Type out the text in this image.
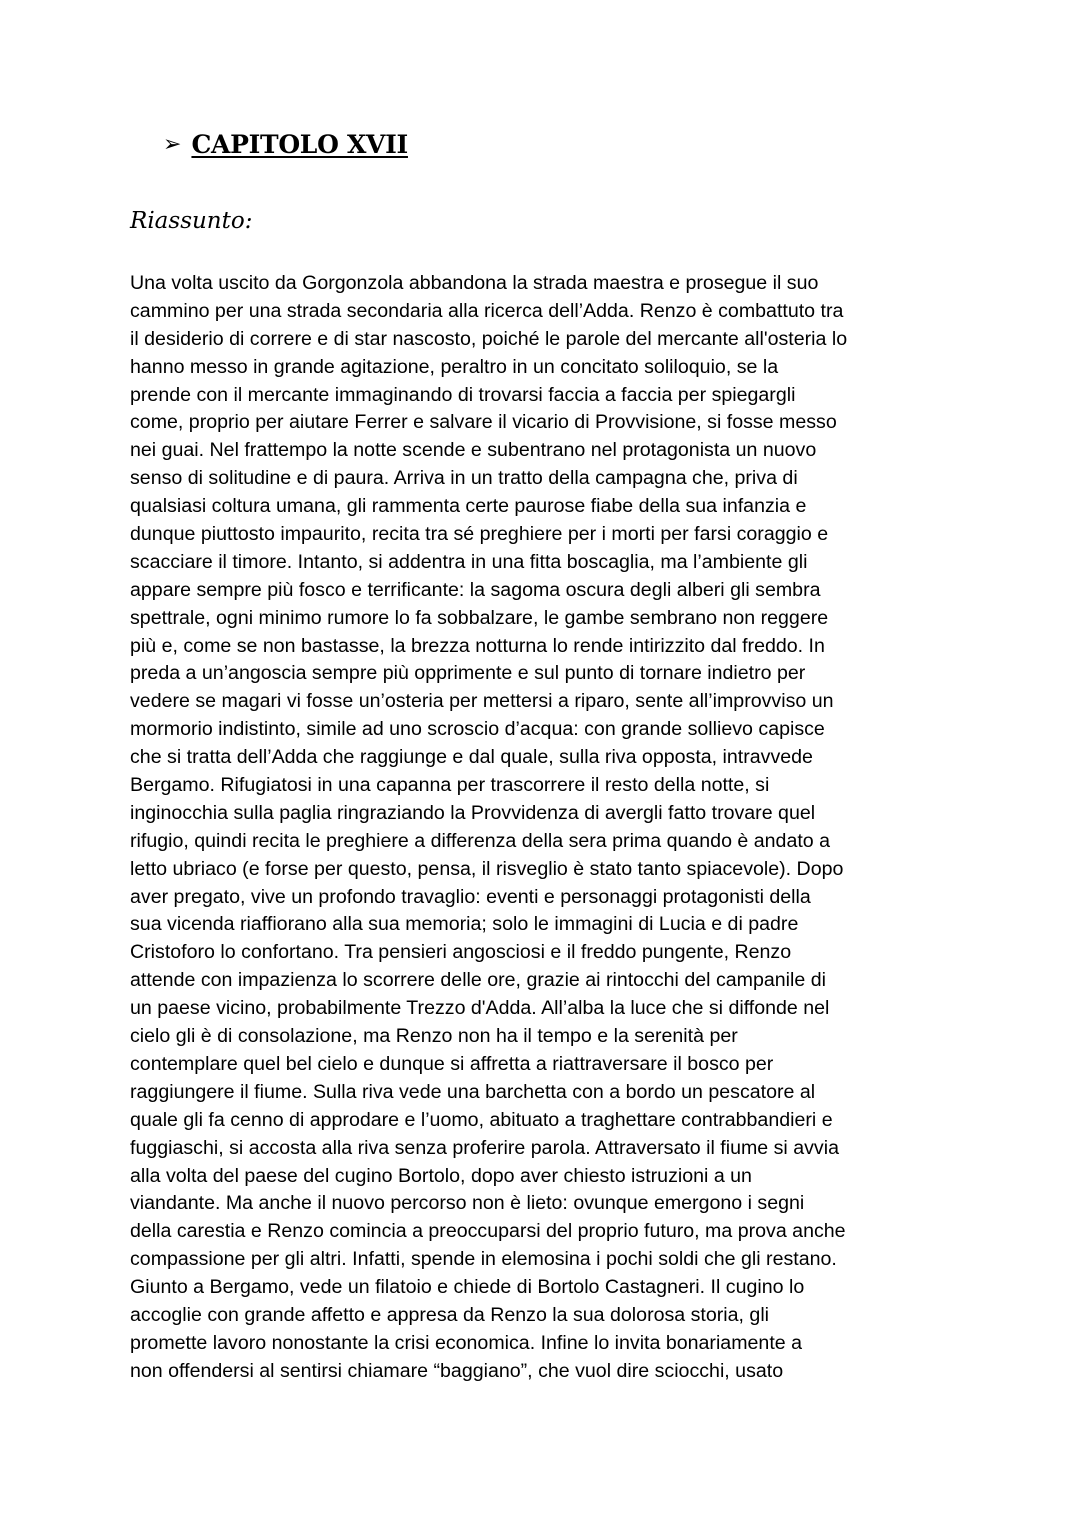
➢ CAPITOLO XVII
Riassunto:
Una volta uscito da Gorgonzola abbandona la strada maestra e prosegue il suo
cammino per una strada secondaria alla ricerca dell’Adda. Renzo è combattuto tra
il desiderio di correre e di star nascosto, poiché le parole del mercante all'osteria lo
hanno messo in grande agitazione, peraltro in un concitato soliloquio, se la
prende con il mercante immaginando di trovarsi faccia a faccia per spiegargli
come, proprio per aiutare Ferrer e salvare il vicario di Provvisione, si fosse messo
nei guai. Nel frattempo la notte scende e subentrano nel protagonista un nuovo
senso di solitudine e di paura. Arriva in un tratto della campagna che, priva di
qualsiasi coltura umana, gli rammenta certe paurose fiabe della sua infanzia e
dunque piuttosto impaurito, recita tra sé preghiere per i morti per farsi coraggio e
scacciare il timore. Intanto, si addentra in una fitta boscaglia, ma l’ambiente gli
appare sempre più fosco e terrificante: la sagoma oscura degli alberi gli sembra
spettrale, ogni minimo rumore lo fa sobbalzare, le gambe sembrano non reggere
più e, come se non bastasse, la brezza notturna lo rende intirizzito dal freddo. In
preda a un’angoscia sempre più opprimente e sul punto di tornare indietro per
vedere se magari vi fosse un’osteria per mettersi a riparo, sente all’improvviso un
mormorio indistinto, simile ad uno scroscio d’acqua: con grande sollievo capisce
che si tratta dell’Adda che raggiunge e dal quale, sulla riva opposta, intravvede
Bergamo. Rifugiatosi in una capanna per trascorrere il resto della notte, si
inginocchia sulla paglia ringraziando la Provvidenza di avergli fatto trovare quel
rifugio, quindi recita le preghiere a differenza della sera prima quando è andato a
letto ubriaco (e forse per questo, pensa, il risveglio è stato tanto spiacevole). Dopo
aver pregato, vive un profondo travaglio: eventi e personaggi protagonisti della
sua vicenda riaffiorano alla sua memoria; solo le immagini di Lucia e di padre
Cristoforo lo confortano. Tra pensieri angosciosi e il freddo pungente, Renzo
attende con impazienza lo scorrere delle ore, grazie ai rintocchi del campanile di
un paese vicino, probabilmente Trezzo d'Adda. All’alba la luce che si diffonde nel
cielo gli è di consolazione, ma Renzo non ha il tempo e la serenità per
contemplare quel bel cielo e dunque si affretta a riattraversare il bosco per
raggiungere il fiume. Sulla riva vede una barchetta con a bordo un pescatore al
quale gli fa cenno di approdare e l’uomo, abituato a traghettare contrabbandieri e
fuggiaschi, si accosta alla riva senza proferire parola. Attraversato il fiume si avvia
alla volta del paese del cugino Bortolo, dopo aver chiesto istruzioni a un
viandante. Ma anche il nuovo percorso non è lieto: ovunque emergono i segni
della carestia e Renzo comincia a preoccuparsi del proprio futuro, ma prova anche
compassione per gli altri. Infatti, spende in elemosina i pochi soldi che gli restano.
Giunto a Bergamo, vede un filatoio e chiede di Bortolo Castagneri. Il cugino lo
accoglie con grande affetto e appresa da Renzo la sua dolorosa storia, gli
promette lavoro nonostante la crisi economica. Infine lo invita bonariamente a
non offendersi al sentirsi chiamare “baggiano”, che vuol dire sciocchi, usato
